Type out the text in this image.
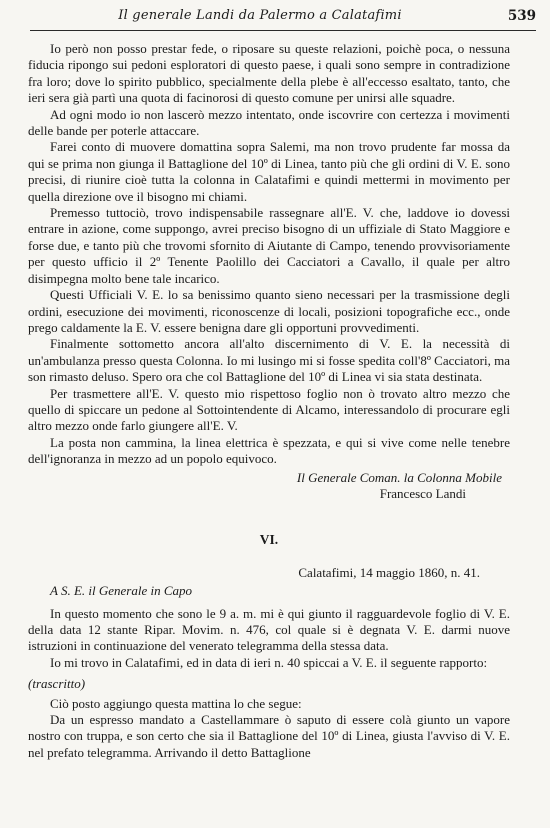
Il generale Landi da Palermo a Calatafimi	539

Io però non posso prestar fede, o riposare su queste relazioni, poichè poca, o nessuna fiducia ripongo sui pedoni esploratori di questo paese, i quali sono sempre in contradizione fra loro; dove lo spirito pubblico, specialmente della plebe è all'eccesso esaltato, tanto, che ieri sera già partì una quota di facinorosi di questo comune per unirsi alle squadre.

Ad ogni modo io non lascerò mezzo intentato, onde iscovrire con certezza i movimenti delle bande per poterle attaccare.

Farei conto di muovere domattina sopra Salemi, ma non trovo prudente far mossa da qui se prima non giunga il Battaglione del 10º di Linea, tanto più che gli ordini di V. E. sono precisi, di riunire cioè tutta la colonna in Calatafimi e quindi mettermi in movimento per quella direzione ove il bisogno mi chiami.

Premesso tuttociò, trovo indispensabile rassegnare all'E. V. che, laddove io dovessi entrare in azione, come suppongo, avrei preciso bisogno di un uffiziale di Stato Maggiore e forse due, e tanto più che trovomi sfornito di Aiutante di Campo, tenendo provvisoriamente per questo ufficio il 2º Tenente Paolillo dei Cacciatori a Cavallo, il quale per altro disimpegna molto bene tale incarico.

Questi Ufficiali V. E. lo sa benissimo quanto sieno necessari per la trasmissione degli ordini, esecuzione dei movimenti, riconoscenze di locali, posizioni topografiche ecc., onde prego caldamente la E. V. essere benigna dare gli opportuni provvedimenti.

Finalmente sottometto ancora all'alto discernimento di V. E. la necessità di un'ambulanza presso questa Colonna. Io mi lusingo mi si fosse spedita coll'8º Cacciatori, ma son rimasto deluso. Spero ora che col Battaglione del 10º di Linea vi sia stata destinata.

Per trasmettere all'E. V. questo mio rispettoso foglio non ò trovato altro mezzo che quello di spiccare un pedone al Sottointendente di Alcamo, interessandolo di procurare egli altro mezzo onde farlo giungere all'E. V.

La posta non cammina, la linea elettrica è spezzata, e qui si vive come nelle tenebre dell'ignoranza in mezzo ad un popolo equivoco.

Il Generale Coman. la Colonna Mobile
Francesco Landi
VI.
Calatafimi, 14 maggio 1860, n. 41.
A S. E. il Generale in Capo

In questo momento che sono le 9 a. m. mi è qui giunto il ragguardevole foglio di V. E. della data 12 stante Ripar. Movim. n. 476, col quale si è degnata V. E. darmi nuove istruzioni in continuazione del venerato telegramma della stessa data.

Io mi trovo in Calatafimi, ed in data di ieri n. 40 spiccai a V. E. il seguente rapporto:

(trascritto)

Ciò posto aggiungo questa mattina lo che segue:

Da un espresso mandato a Castellammare ò saputo di essere colà giunto un vapore nostro con truppa, e son certo che sia il Battaglione del 10º di Linea, giusta l'avviso di V. E. nel prefato telegramma. Arrivando il detto Battaglione
